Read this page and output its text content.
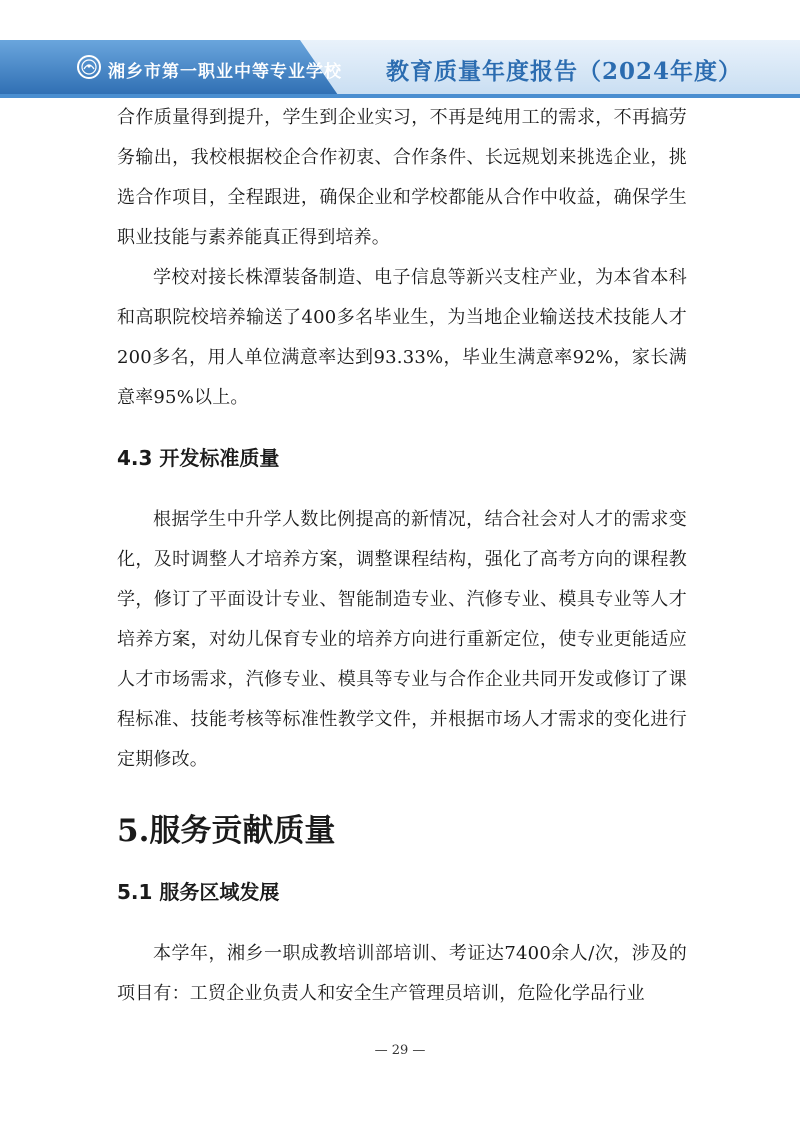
湘乡市第一职业中等专业学校 教育质量年度报告（2024年度）

合作质量得到提升，学生到企业实习，不再是纯用工的需求，不再搞劳务输出，我校根据校企合作初衷、合作条件、长远规划来挑选企业，挑选合作项目，全程跟进，确保企业和学校都能从合作中收益，确保学生职业技能与素养能真正得到培养。

学校对接长株潭装备制造、电子信息等新兴支柱产业，为本省本科和高职院校培养输送了400多名毕业生，为当地企业输送技术技能人才200多名，用人单位满意率达到93.33%，毕业生满意率92%，家长满意率95%以上。

4.3 开发标准质量

根据学生中升学人数比例提高的新情况，结合社会对人才的需求变化，及时调整人才培养方案，调整课程结构，强化了高考方向的课程教学，修订了平面设计专业、智能制造专业、汽修专业、模具专业等人才培养方案，对幼儿保育专业的培养方向进行重新定位，使专业更能适应人才市场需求，汽修专业、模具等专业与合作企业共同开发或修订了课程标准、技能考核等标准性教学文件，并根据市场人才需求的变化进行定期修改。

5.服务贡献质量
5.1 服务区域发展

本学年，湘乡一职成教培训部培训、考证达7400余人/次，涉及的项目有：工贸企业负责人和安全生产管理员培训，危险化学品行业

— 29 —
